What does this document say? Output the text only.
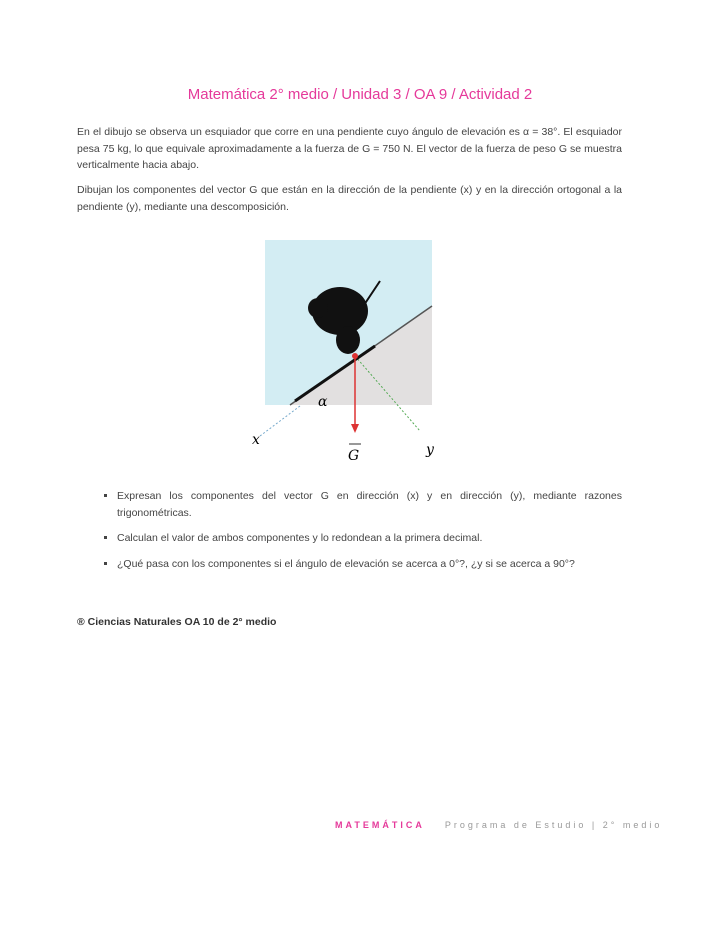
Matemática 2° medio / Unidad 3 / OA 9 / Actividad 2
En el dibujo se observa un esquiador que corre en una pendiente cuyo ángulo de elevación es α = 38°. El esquiador pesa 75 kg, lo que equivale aproximadamente a la fuerza de G = 750 N. El vector de la fuerza de peso G se muestra verticalmente hacia abajo.
Dibujan los componentes del vector G que están en la dirección de la pendiente (x) y en la dirección ortogonal a la pendiente (y), mediante una descomposición.
α
x
y
G
▪ Expresan los componentes del vector G en dirección (x) y en dirección (y), mediante razones trigonométricas.
▪ Calculan el valor de ambos componentes y lo redondean a la primera decimal.
▪ ¿Qué pasa con los componentes si el ángulo de elevación se acerca a 0°?, ¿y si se acerca a 90°?
® Ciencias Naturales OA 10 de 2° medio
MATEMÁTICA Programa de Estudio | 2° medio
